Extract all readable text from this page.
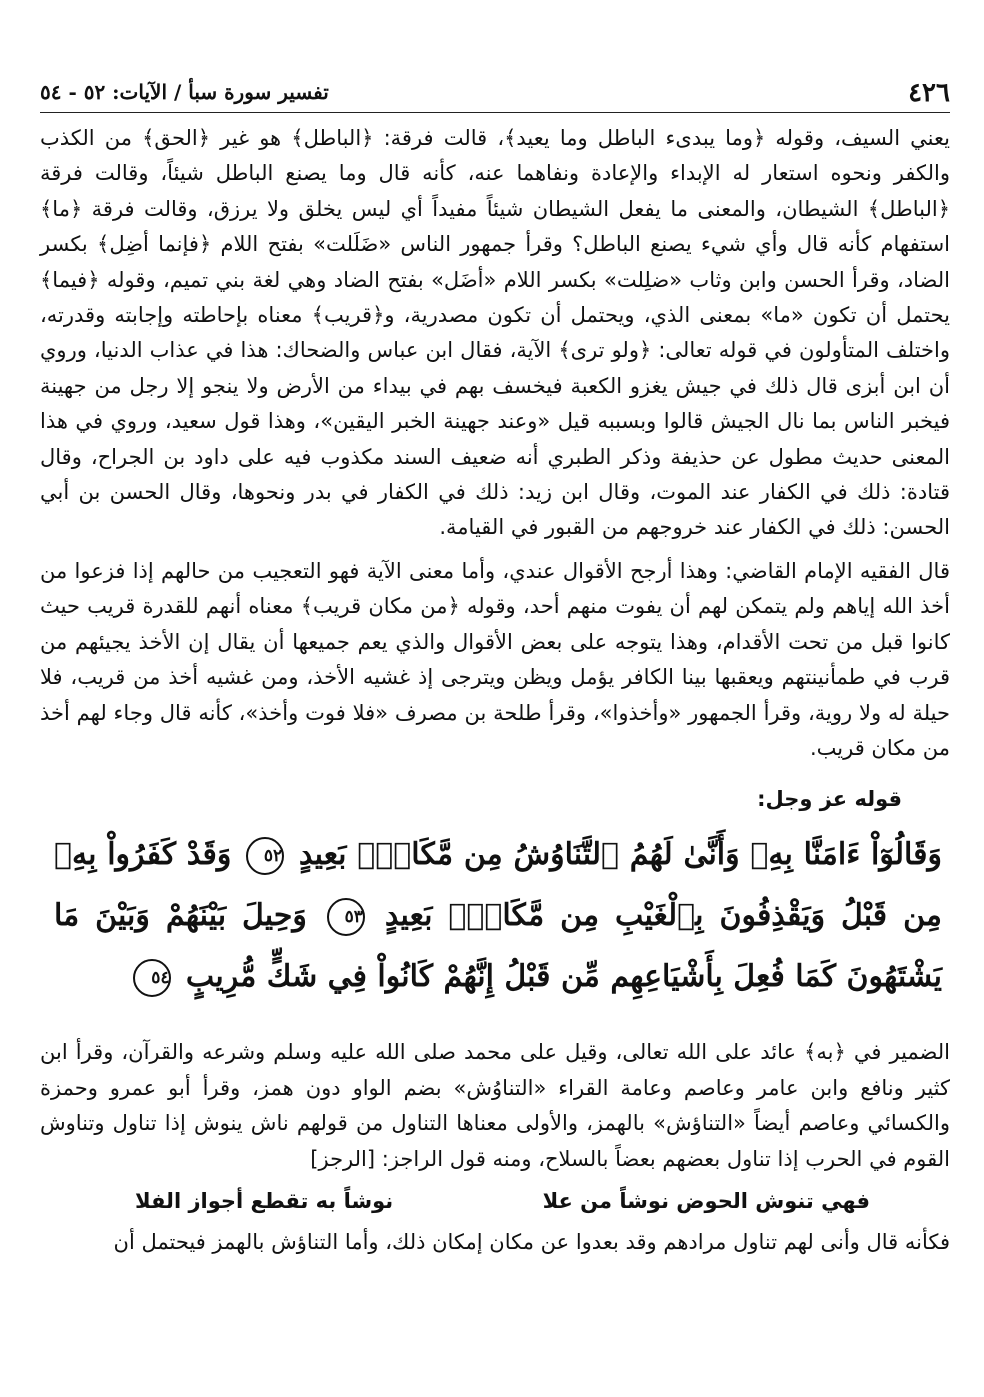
٤٢٦
تفسير سورة سبأ / الآيات: ٥٢ - ٥٤

يعني السيف، وقوله ﴿وما يبدىء الباطل وما يعيد﴾، قالت فرقة: ﴿الباطل﴾ هو غير ﴿الحق﴾ من الكذب والكفر ونحوه استعار له الإبداء والإعادة ونفاهما عنه، كأنه قال وما يصنع الباطل شيئاً، وقالت فرقة ﴿الباطل﴾ الشيطان، والمعنى ما يفعل الشيطان شيئاً مفيداً أي ليس يخلق ولا يرزق، وقالت فرقة ﴿ما﴾ استفهام كأنه قال وأي شيء يصنع الباطل؟ وقرأ جمهور الناس «ضَلَلت» بفتح اللام ﴿فإنما أضِل﴾ بكسر الضاد، وقرأ الحسن وابن وثاب «ضلِلت» بكسر اللام «أضَل» بفتح الضاد وهي لغة بني تميم، وقوله ﴿فيما﴾ يحتمل أن تكون «ما» بمعنى الذي، ويحتمل أن تكون مصدرية، و﴿قريب﴾ معناه بإحاطته وإجابته وقدرته، واختلف المتأولون في قوله تعالى: ﴿ولو ترى﴾ الآية، فقال ابن عباس والضحاك: هذا في عذاب الدنيا، وروي أن ابن أبزى قال ذلك في جيش يغزو الكعبة فيخسف بهم في بيداء من الأرض ولا ينجو إلا رجل من جهينة فيخبر الناس بما نال الجيش قالوا وبسببه قيل «وعند جهينة الخبر اليقين»، وهذا قول سعيد، وروي في هذا المعنى حديث مطول عن حذيفة وذكر الطبري أنه ضعيف السند مكذوب فيه على داود بن الجراح، وقال قتادة: ذلك في الكفار عند الموت، وقال ابن زيد: ذلك في الكفار في بدر ونحوها، وقال الحسن بن أبي الحسن: ذلك في الكفار عند خروجهم من القبور في القيامة.

قال الفقيه الإمام القاضي: وهذا أرجح الأقوال عندي، وأما معنى الآية فهو التعجيب من حالهم إذا فزعوا من أخذ الله إياهم ولم يتمكن لهم أن يفوت منهم أحد، وقوله ﴿من مكان قريب﴾ معناه أنهم للقدرة قريب حيث كانوا قبل من تحت الأقدام، وهذا يتوجه على بعض الأقوال والذي يعم جميعها أن يقال إن الأخذ يجيئهم من قرب في طمأنينتهم ويعقبها بينا الكافر يؤمل ويظن ويترجى إذ غشيه الأخذ، ومن غشيه أخذ من قريب، فلا حيلة له ولا روية، وقرأ الجمهور «وأخذوا»، وقرأ طلحة بن مصرف «فلا فوت وأخذ»، كأنه قال وجاء لهم أخذ من مكان قريب.

قوله عز وجل:
وَقَالُوٓاْ ءَامَنَّا بِهِۦ وَأَنَّىٰ لَهُمُ ٱلتَّنَاوُشُ مِن مَّكَانِۭ بَعِيدٍ ٥٢ وَقَدْ كَفَرُواْ بِهِۦ مِن قَبْلُ وَيَقْذِفُونَ بِٱلْغَيْبِ مِن مَّكَانِۭ بَعِيدٍ ٥٣ وَحِيلَ بَيْنَهُمْ وَبَيْنَ مَا يَشْتَهُونَ كَمَا فُعِلَ بِأَشْيَاعِهِم مِّن قَبْلُ إِنَّهُمْ كَانُواْ فِي شَكٍّ مُّرِيبٍ ٥٤

الضمير في ﴿به﴾ عائد على الله تعالى، وقيل على محمد صلى الله عليه وسلم وشرعه والقرآن، وقرأ ابن كثير ونافع وابن عامر وعاصم وعامة القراء «التناوُش» بضم الواو دون همز، وقرأ أبو عمرو وحمزة والكسائي وعاصم أيضاً «التناؤش» بالهمز، والأولى معناها التناول من قولهم ناش ينوش إذا تناول وتناوش القوم في الحرب إذا تناول بعضهم بعضاً بالسلاح، ومنه قول الراجز: [الرجز]

فهي تنوش الحوض نوشاً من علا
نوشاً به تقطع أجواز الفلا

فكأنه قال وأنى لهم تناول مرادهم وقد بعدوا عن مكان إمكان ذلك، وأما التناؤش بالهمز فيحتمل أن
